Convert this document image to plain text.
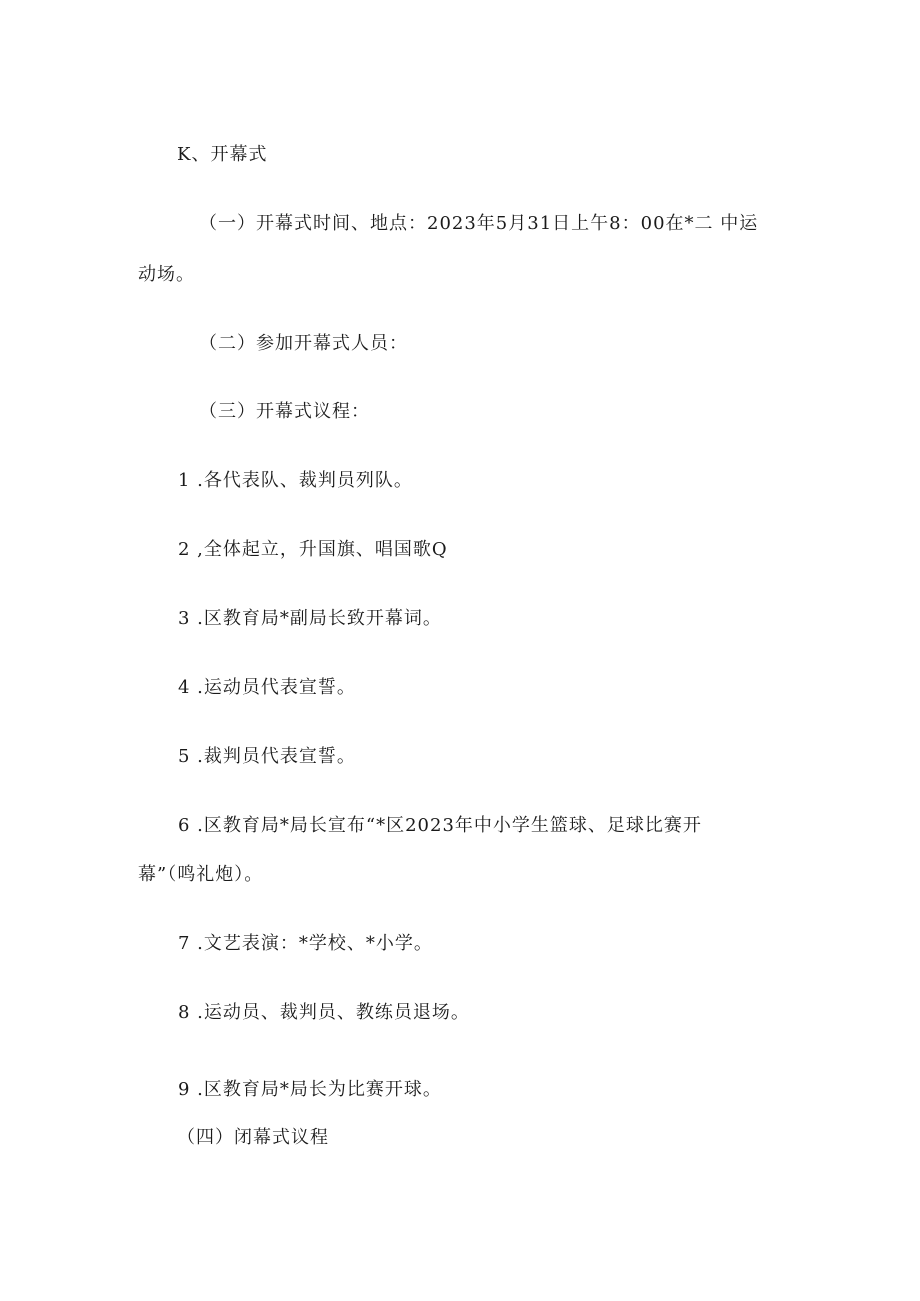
K、开幕式
（一）开幕式时间、地点：2023年5月31日上午8：00在*二 中运
动场。
（二）参加开幕式人员：
（三）开幕式议程：
1 .各代表队、裁判员列队。
2 ,全体起立，升国旗、唱国歌Q
3 .区教育局*副局长致开幕词。
4 .运动员代表宣誓。
5 .裁判员代表宣誓。
6 .区教育局*局长宣布“*区2023年中小学生篮球、足球比赛开
幕”（鸣礼炮）。
7 .文艺表演：*学校、*小学。
8 .运动员、裁判员、教练员退场。
9 .区教育局*局长为比赛开球。
（四）闭幕式议程
